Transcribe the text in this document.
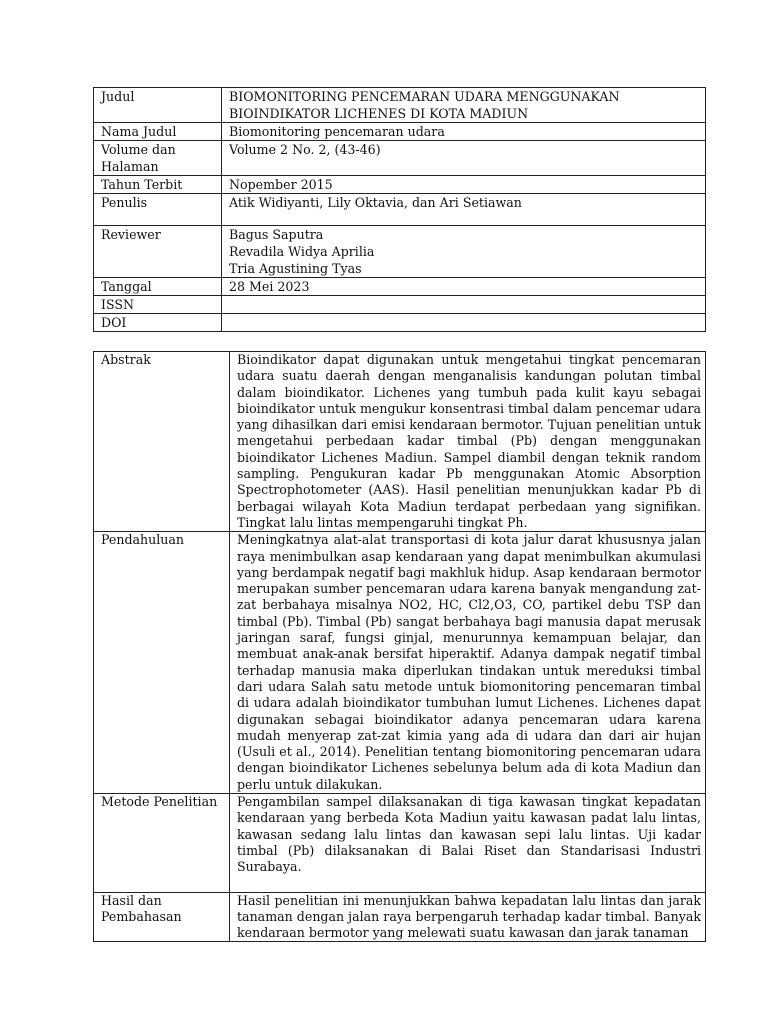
Judul	BIOMONITORING PENCEMARAN UDARA MENGGUNAKAN
BIOINDIKATOR LICHENES DI KOTA MADIUN

Nama Judul	Biomonitoring pencemaran udara
Volume dan Halaman	Volume 2 No. 2, (43-46)
Tahun Terbit	Nopember 2015
Penulis	Atik Widiyanti, Lily Oktavia, dan Ari Setiawan

Reviewer	Bagus Saputra
Revadila Widya Aprilia
Tria Agustining Tyas

Tanggal	28 Mei 2023
ISSN	
DOI	
Abstrak	Bioindikator dapat digunakan untuk mengetahui tingkat pencemaran udara suatu daerah dengan menganalisis kandungan polutan timbal dalam bioindikator. Lichenes yang tumbuh pada kulit kayu sebagai bioindikator untuk mengukur konsentrasi timbal dalam pencemar udara yang dihasilkan dari emisi kendaraan bermotor. Tujuan penelitian untuk mengetahui perbedaan kadar timbal (Pb) dengan menggunakan bioindikator Lichenes Madiun. Sampel diambil dengan teknik random sampling. Pengukuran kadar Pb menggunakan Atomic Absorption Spectrophotometer (AAS). Hasil penelitian menunjukkan kadar Pb di berbagai wilayah Kota Madiun terdapat perbedaan yang signifikan. Tingkat lalu lintas mempengaruhi tingkat Ph.
Pendahuluan	Meningkatnya alat-alat transportasi di kota jalur darat khususnya jalan raya menimbulkan asap kendaraan yang dapat menimbulkan akumulasi yang berdampak negatif bagi makhluk hidup. Asap kendaraan bermotor merupakan sumber pencemaran udara karena banyak mengandung zat-zat berbahaya misalnya NO2, HC, Cl2,O3, CO, partikel debu TSP dan timbal (Pb). Timbal (Pb) sangat berbahaya bagi manusia dapat merusak jaringan saraf, fungsi ginjal, menurunnya kemampuan belajar, dan membuat anak-anak bersifat hiperaktif. Adanya dampak negatif timbal terhadap manusia maka diperlukan tindakan untuk mereduksi timbal dari udara Salah satu metode untuk biomonitoring pencemaran timbal di udara adalah bioindikator tumbuhan lumut Lichenes. Lichenes dapat digunakan sebagai bioindikator adanya pencemaran udara karena mudah menyerap zat-zat kimia yang ada di udara dan dari air hujan (Usuli et al., 2014). Penelitian tentang biomonitoring pencemaran udara dengan bioindikator Lichenes sebelunya belum ada di kota Madiun dan perlu untuk dilakukan.
Metode Penelitian	Pengambilan sampel dilaksanakan di tiga kawasan tingkat kepadatan kendaraan yang berbeda Kota Madiun yaitu kawasan padat lalu lintas, kawasan sedang lalu lintas dan kawasan sepi lalu lintas. Uji kadar timbal (Pb) dilaksanakan di Balai Riset dan Standarisasi Industri Surabaya.
Hasil dan Pembahasan	Hasil penelitian ini menunjukkan bahwa kepadatan lalu lintas dan jarak tanaman dengan jalan raya berpengaruh terhadap kadar timbal. Banyak kendaraan bermotor yang melewati suatu kawasan dan jarak tanaman
